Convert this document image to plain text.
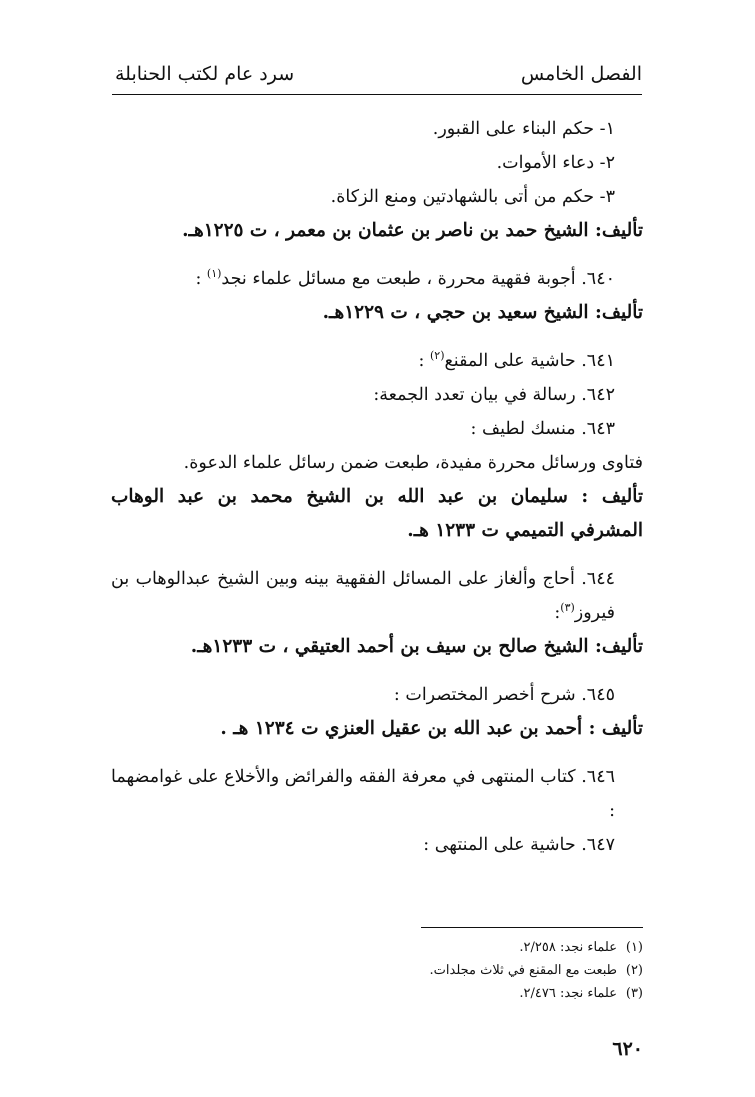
الفصل الخامس
سرد عام لكتب الحنابلة

١- حكم البناء على القبور.

٢- دعاء الأموات.

٣- حكم من أتى بالشهادتين ومنع الزكاة.

تأليف: الشيخ حمد بن ناصر بن عثمان بن معمر ، ت ١٢٢٥هـ.

٦٤٠. أجوبة فقهية محررة ، طبعت مع مسائل علماء نجد$^{(١)}$ :

تأليف: الشيخ سعيد بن حجي ، ت ١٢٢٩هـ.

٦٤١. حاشية على المقنع$^{(٢)}$ :

٦٤٢. رسالة في بيان تعدد الجمعة:

٦٤٣. منسك لطيف :

فتاوى ورسائل محررة مفيدة، طبعت ضمن رسائل علماء الدعوة.

تأليف : سليمان بن عبد الله بن الشيخ محمد بن عبد الوهاب المشرفي التميمي ت ١٢٣٣ هـ.

٦٤٤. أحاج وألغاز على المسائل الفقهية بينه وبين الشيخ عبدالوهاب بن فيروز$^{(٣)}$:

تأليف: الشيخ صالح بن سيف بن أحمد العتيقي ، ت ١٢٣٣هـ.

٦٤٥. شرح أخصر المختصرات :

تأليف : أحمد بن عبد الله بن عقيل العنزي ت ١٢٣٤ هـ .

٦٤٦. كتاب المنتهى في معرفة الفقه والفرائض والأخلاع على غوامضهما :

٦٤٧. حاشية على المنتهى :

(١)علماء نجد: ٢/٢٥٨.
(٢)طبعت مع المقنع في ثلاث مجلدات.
(٣)علماء نجد: ٢/٤٧٦.
٦٢٠
